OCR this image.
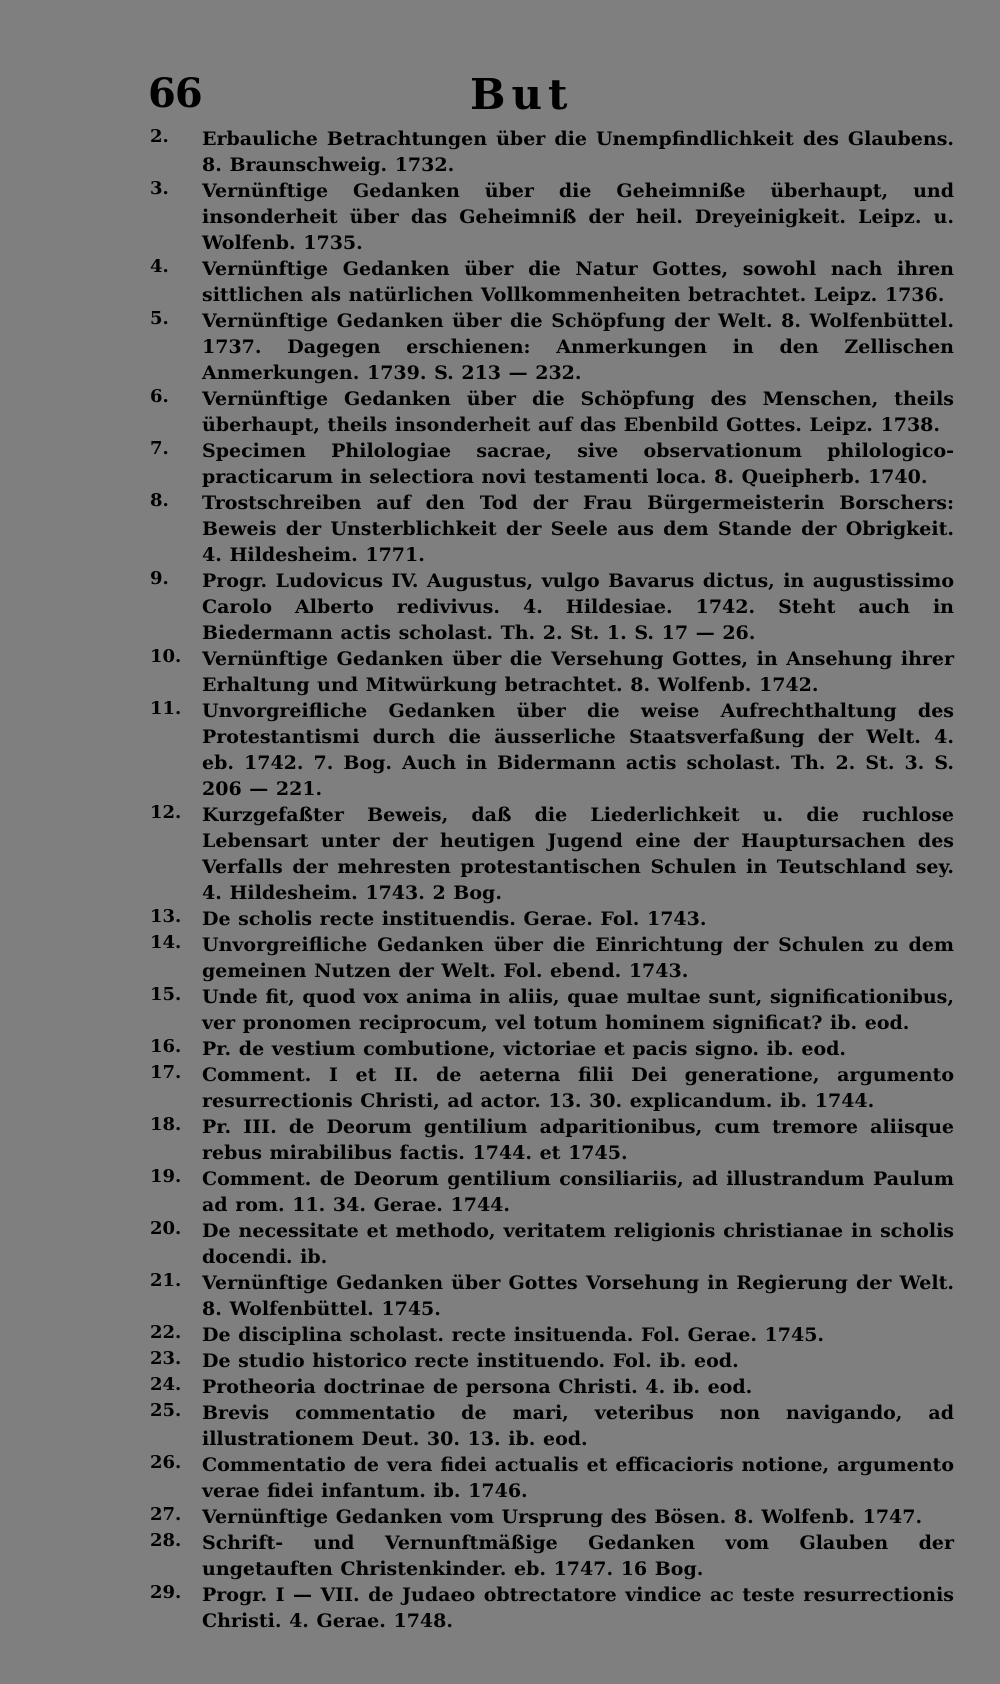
66	But
2.	Erbauliche Betrachtungen über die Unempfindlichkeit des Glaubens. 8. Braunschweig. 1732.
3.	Vernünftige Gedanken über die Geheimniße überhaupt, und insonderheit über das Geheimniß der heil. Dreyeinigkeit. Leipz. u. Wolfenb. 1735.
4.	Vernünftige Gedanken über die Natur Gottes, sowohl nach ihren sittlichen als natürlichen Vollkommenheiten betrachtet. Leipz. 1736.
5.	Vernünftige Gedanken über die Schöpfung der Welt. 8. Wolfenbüttel. 1737. Dagegen erschienen: Anmerkungen in den Zellischen Anmerkungen. 1739. S. 213 — 232.
6.	Vernünftige Gedanken über die Schöpfung des Menschen, theils überhaupt, theils insonderheit auf das Ebenbild Gottes. Leipz. 1738.
7.	Specimen Philologiae sacrae, sive observationum philologico-practicarum in selectiora novi testamenti loca. 8. Queipherb. 1740.
8.	Trostschreiben auf den Tod der Frau Bürgermeisterin Borschers: Beweis der Unsterblichkeit der Seele aus dem Stande der Obrigkeit. 4. Hildesheim. 1771.
9.	Progr. Ludovicus IV. Augustus, vulgo Bavarus dictus, in augustissimo Carolo Alberto redivivus. 4. Hildesiae. 1742. Steht auch in Biedermann actis scholast. Th. 2. St. 1. S. 17 — 26.
10.	Vernünftige Gedanken über die Versehung Gottes, in Ansehung ihrer Erhaltung und Mitwürkung betrachtet. 8. Wolfenb. 1742.
11.	Unvorgreifliche Gedanken über die weise Aufrechthaltung des Protestantismi durch die äusserliche Staatsverfaßung der Welt. 4. eb. 1742. 7. Bog. Auch in Bidermann actis scholast. Th. 2. St. 3. S. 206 — 221.
12.	Kurzgefaßter Beweis, daß die Liederlichkeit u. die ruchlose Lebensart unter der heutigen Jugend eine der Hauptursachen des Verfalls der mehresten protestantischen Schulen in Teutschland sey. 4. Hildesheim. 1743. 2 Bog.
13.	De scholis recte instituendis. Gerae. Fol. 1743.
14.	Unvorgreifliche Gedanken über die Einrichtung der Schulen zu dem gemeinen Nutzen der Welt. Fol. ebend. 1743.
15.	Unde fit, quod vox anima in aliis, quae multae sunt, significationibus, ver pronomen reciprocum, vel totum hominem significat? ib. eod.
16.	Pr. de vestium combutione, victoriae et pacis signo. ib. eod.
17.	Comment. I et II. de aeterna filii Dei generatione, argumento resurrectionis Christi, ad actor. 13. 30. explicandum. ib. 1744.
18.	Pr. III. de Deorum gentilium adparitionibus, cum tremore aliisque rebus mirabilibus factis. 1744. et 1745.
19.	Comment. de Deorum gentilium consiliariis, ad illustrandum Paulum ad rom. 11. 34. Gerae. 1744.
20.	De necessitate et methodo, veritatem religionis christianae in scholis docendi. ib.
21.	Vernünftige Gedanken über Gottes Vorsehung in Regierung der Welt. 8. Wolfenbüttel. 1745.
22.	De disciplina scholast. recte insituenda. Fol. Gerae. 1745.
23.	De studio historico recte instituendo. Fol. ib. eod.
24.	Protheoria doctrinae de persona Christi. 4. ib. eod.
25.	Brevis commentatio de mari, veteribus non navigando, ad illustrationem Deut. 30. 13. ib. eod.
26.	Commentatio de vera fidei actualis et efficacioris notione, argumento verae fidei infantum. ib. 1746.
27.	Vernünftige Gedanken vom Ursprung des Bösen. 8. Wolfenb. 1747.
28.	Schrift- und Vernunftmäßige Gedanken vom Glauben der ungetauften Christenkinder. eb. 1747. 16 Bog.
29.	Progr. I — VII. de Judaeo obtrectatore vindice ac teste resurrectionis Christi. 4. Gerae. 1748.
